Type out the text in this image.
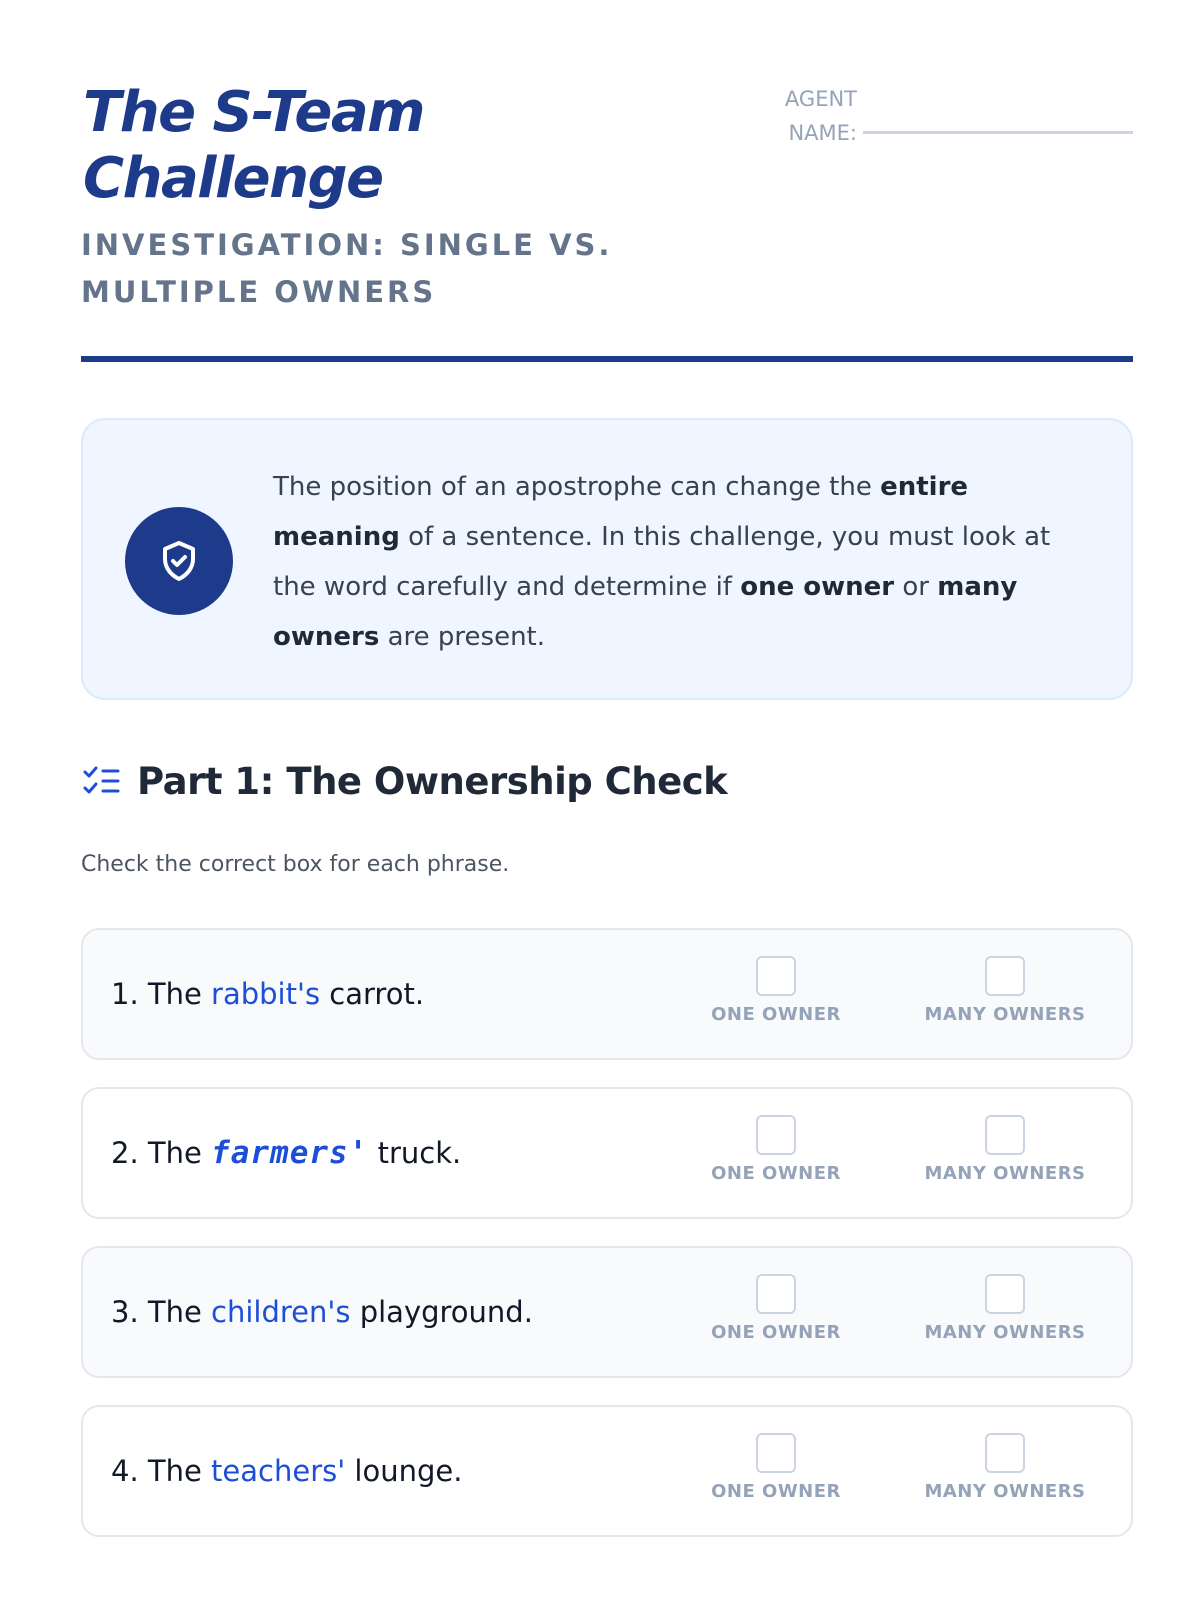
The S-Team Challenge
INVESTIGATION: SINGLE VS. MULTIPLE OWNERS
AGENT NAME:

The position of an apostrophe can change the entire meaning of a sentence. In this challenge, you must look at the word carefully and determine if one owner or many owners are present.

Part 1: The Ownership Check
Check the correct box for each phrase.
1. The rabbit's carrot.
ONE OWNER	MANY OWNERS
2. The farmers' truck.
ONE OWNER	MANY OWNERS
3. The children's playground.
ONE OWNER	MANY OWNERS
4. The teachers' lounge.
ONE OWNER	MANY OWNERS
